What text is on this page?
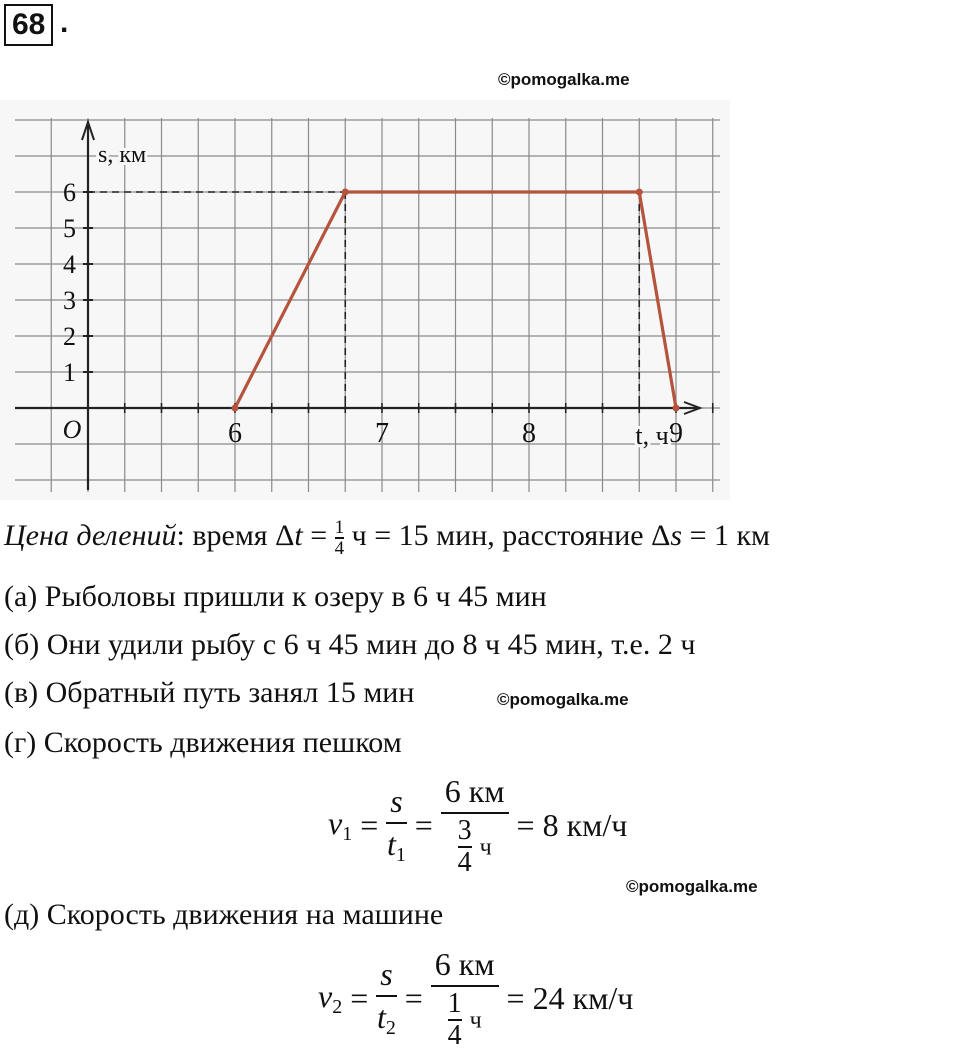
68 .
©pomogalka.me
1
2
3
4
5
6
6	7	8	9
O
s, км
t, ч
Цена делений: время $\Delta t = \frac{1}{4}$ ч = 15 мин, расстояние Δs = 1 км
(а) Рыболовы пришли к озеру в 6 ч 45 мин
(б) Они удили рыбу с 6 ч 45 мин до 8 ч 45 мин, т.е. 2 ч
(в) Обратный путь занял 15 мин	©pomogalka.me
(г) Скорость движения пешком
$v_1 = \frac{s}{t_1}$ =
6 км
$\frac{3}{4}$ ч
= 8 км/ч
©pomogalka.me
(д) Скорость движения на машине
$v_2 = \frac{s}{t_2}$ =
6 км
$\frac{1}{4}$ ч
= 24 км/ч
